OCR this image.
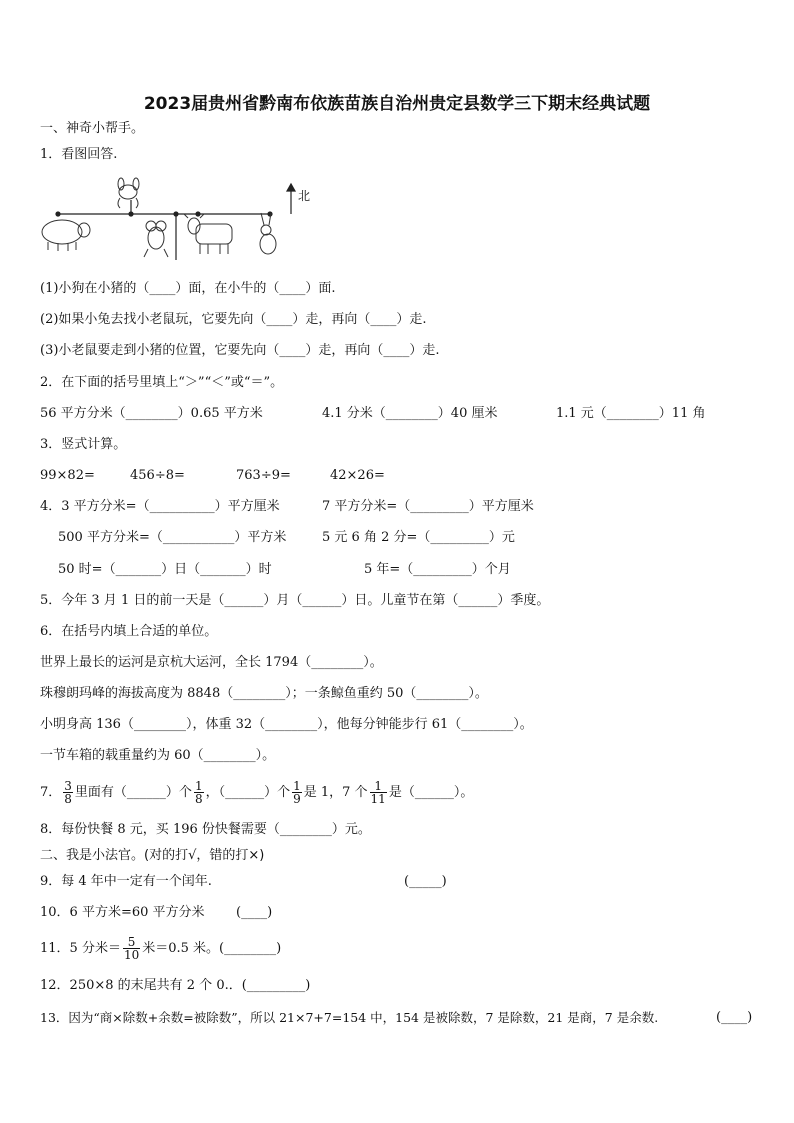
2023届贵州省黔南布依族苗族自治州贵定县数学三下期末经典试题
一、神奇小帮手。
1．看图回答.
北
(1)小狗在小猪的（____）面，在小牛的（____）面.
(2)如果小兔去找小老鼠玩，它要先向（____）走，再向（____）走.
(3)小老鼠要走到小猪的位置，它要先向（____）走，再向（____）走.
2．在下面的括号里填上“＞”“＜”或“＝”。
56 平方分米（________）0.65 平方米	4.1 分米（________）40 厘米	1.1 元（________）11 角
3．竖式计算。
99×82=	456÷8=	763÷9=	42×26=
4．3 平方分米=（__________）平方厘米	7 平方分米=（_________）平方厘米
500 平方分米=（___________）平方米	5 元 6 角 2 分=（_________）元
50 时=（_______）日（_______）时	5 年=（_________）个月
5．今年 3 月 1 日的前一天是（______）月（______）日。儿童节在第（______）季度。
6．在括号内填上合适的单位。
世界上最长的运河是京杭大运河，全长 1794（________）。
珠穆朗玛峰的海拔高度为 8848（________）；一条鲸鱼重约 50（________）。
小明身高 136（________），体重 32（________），他每分钟能步行 61（________）。
一节车箱的载重量约为 60（________）。
7． $\frac{3}{8}$ 里面有（______）个 $\frac{1}{8}$ ，（______）个 $\frac{1}{9}$ 是 1，7 个 $\frac{1}{11}$ 是（______）。
8．每份快餐 8 元，买 196 份快餐需要（________）元。
二、我是小法官。(对的打√，错的打×)
9．每 4 年中一定有一个闰年.	(_____)
10．6 平方米=60 平方分米 (____)
11．5 分米＝ $\frac{5}{10}$ 米＝0.5 米。(________)
12．250×8 的末尾共有 2 个 0.．(_________)
13．因为“商×除数+余数=被除数”，所以 21×7+7=154 中，154 是被除数，7 是除数，21 是商，7 是余数.	(____)
